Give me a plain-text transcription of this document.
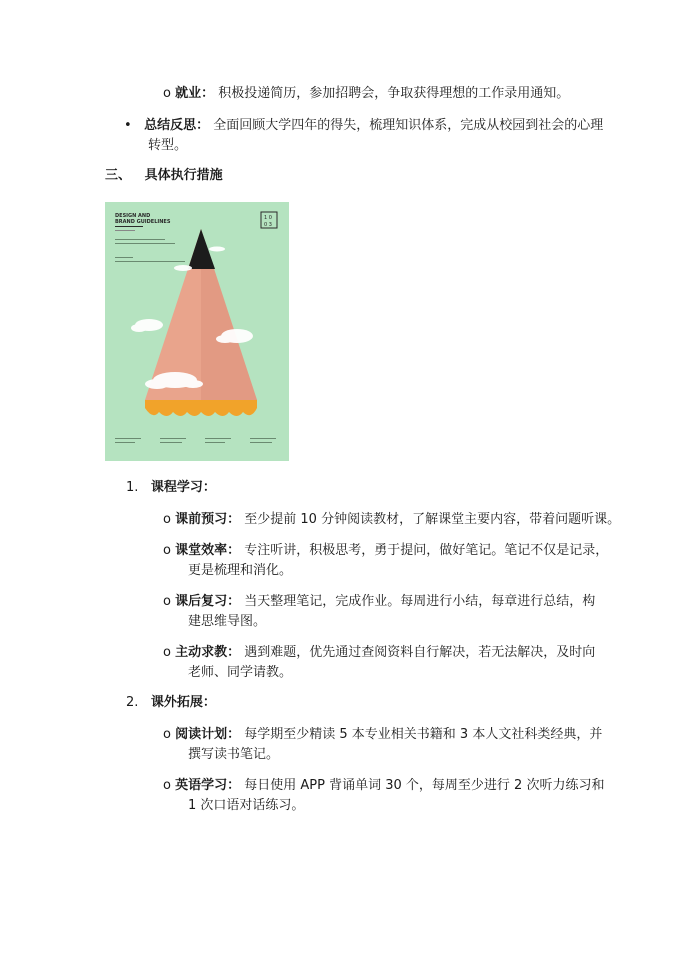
o 就业： 积极投递简历，参加招聘会，争取获得理想的工作录用通知。
• 总结反思： 全面回顾大学四年的得失，梳理知识体系，完成从校园到社会的心理
转型。
三、 具体执行措施
DESIGN AND
BRAND GUIDELINES
1 0
0 3
1. 课程学习：
o 课前预习： 至少提前 10 分钟阅读教材，了解课堂主要内容，带着问题听课。
o 课堂效率： 专注听讲，积极思考，勇于提问，做好笔记。笔记不仅是记录，
更是梳理和消化。
o 课后复习： 当天整理笔记，完成作业。每周进行小结，每章进行总结，构
建思维导图。
o 主动求教： 遇到难题，优先通过查阅资料自行解决，若无法解决，及时向
老师、同学请教。
2. 课外拓展：
o 阅读计划： 每学期至少精读 5 本专业相关书籍和 3 本人文社科类经典，并
撰写读书笔记。
o 英语学习： 每日使用 APP 背诵单词 30 个，每周至少进行 2 次听力练习和
1 次口语对话练习。
